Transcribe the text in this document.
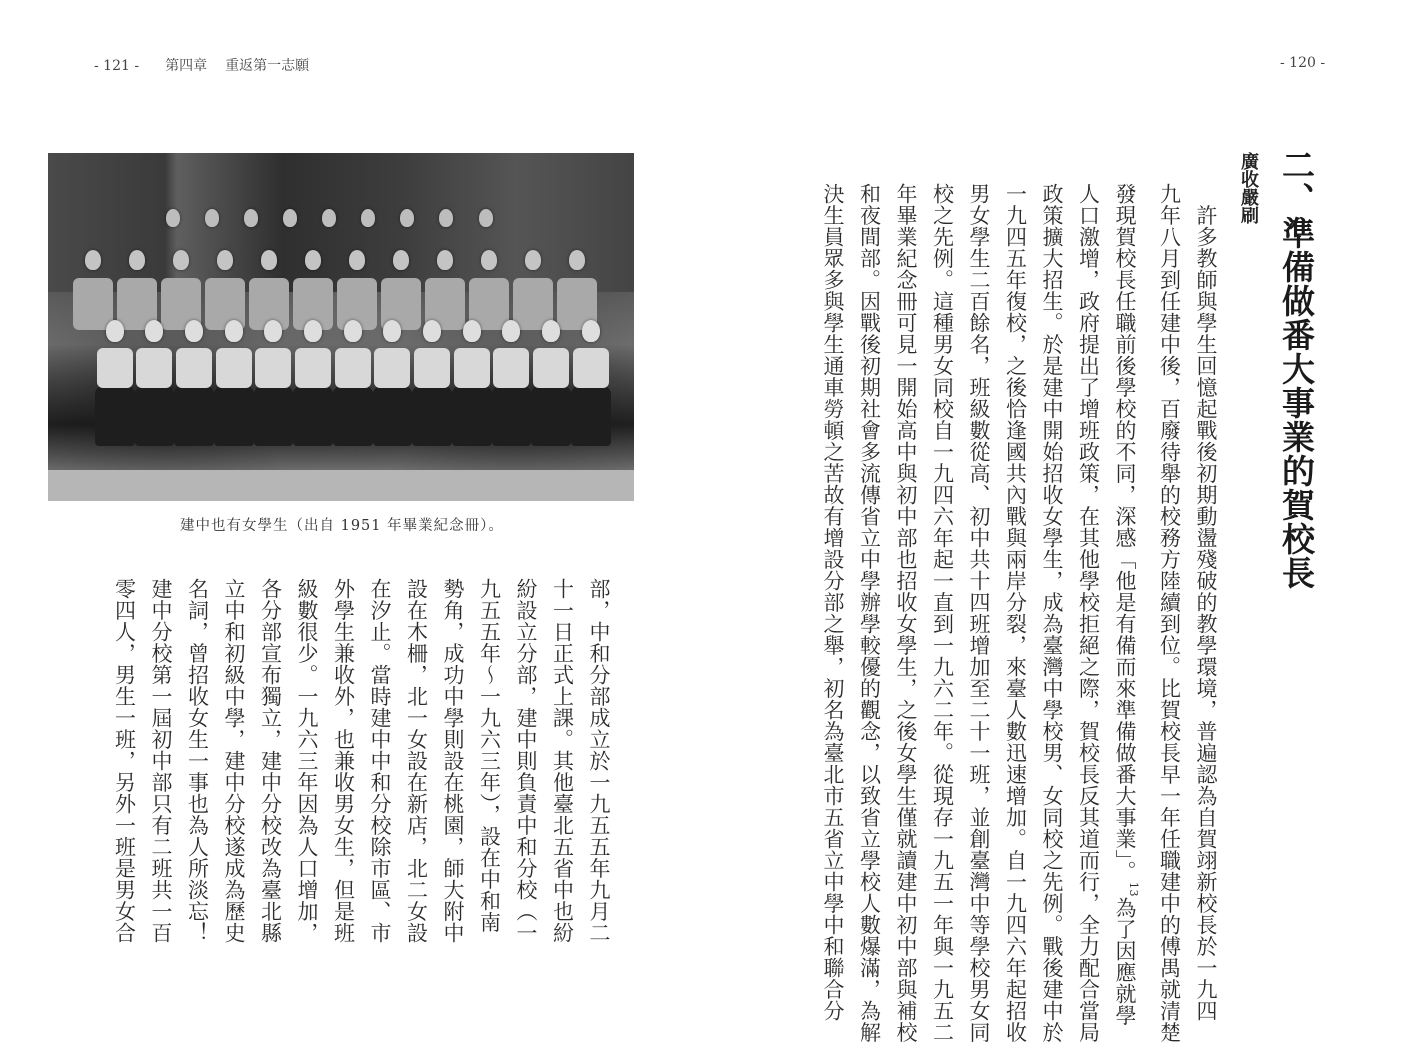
- 121 - 第四章 重返第一志願
建中也有女學生（出自 1951 年畢業紀念冊）。

部，中和分部成立於一九五五年九月二

十一日正式上課。其他臺北五省中也紛

紛設立分部，建中則負責中和分校（一

九五五年～一九六三年），設在中和南

勢角，成功中學則設在桃園，師大附中

設在木柵，北一女設在新店，北二女設

在汐止。當時建中中和分校除市區、市

外學生兼收外，也兼收男女生，但是班

級數很少。一九六三年因為人口增加，

各分部宣布獨立，建中分校改為臺北縣

立中和初級中學，建中分校遂成為歷史

名詞，曾招收女生一事也為人所淡忘！

建中分校第一屆初中部只有二班共一百

零四人，男生一班，另外一班是男女合

- 120 -
二、準備做番大事業的賀校長
廣收嚴刷

　許多教師與學生回憶起戰後初期動盪殘破的教學環境，普遍認為自賀翊新校長於一九四

九年八月到任建中後，百廢待舉的校務方陸續到位。比賀校長早一年任職建中的傅禺就清楚

發現賀校長任職前後學校的不同，深感「他是有備而來準備做番大事業」。$^{13}$為了因應就學

人口激增，政府提出了增班政策，在其他學校拒絕之際，賀校長反其道而行，全力配合當局

政策擴大招生。於是建中開始招收女學生，成為臺灣中學校男、女同校之先例。戰後建中於

一九四五年復校，之後恰逢國共內戰與兩岸分裂，來臺人數迅速增加。自一九四六年起招收

男女學生二百餘名，班級數從高、初中共十四班增加至二十一班，並創臺灣中等學校男女同

校之先例。這種男女同校自一九四六年起一直到一九六二年。從現存一九五一年與一九五二

年畢業紀念冊可見一開始高中與初中部也招收女學生，之後女學生僅就讀建中初中部與補校

和夜間部。因戰後初期社會多流傳省立中學辦學較優的觀念，以致省立學校人數爆滿，為解

決生員眾多與學生通車勞頓之苦故有增設分部之舉，初名為臺北市五省立中學中和聯合分
